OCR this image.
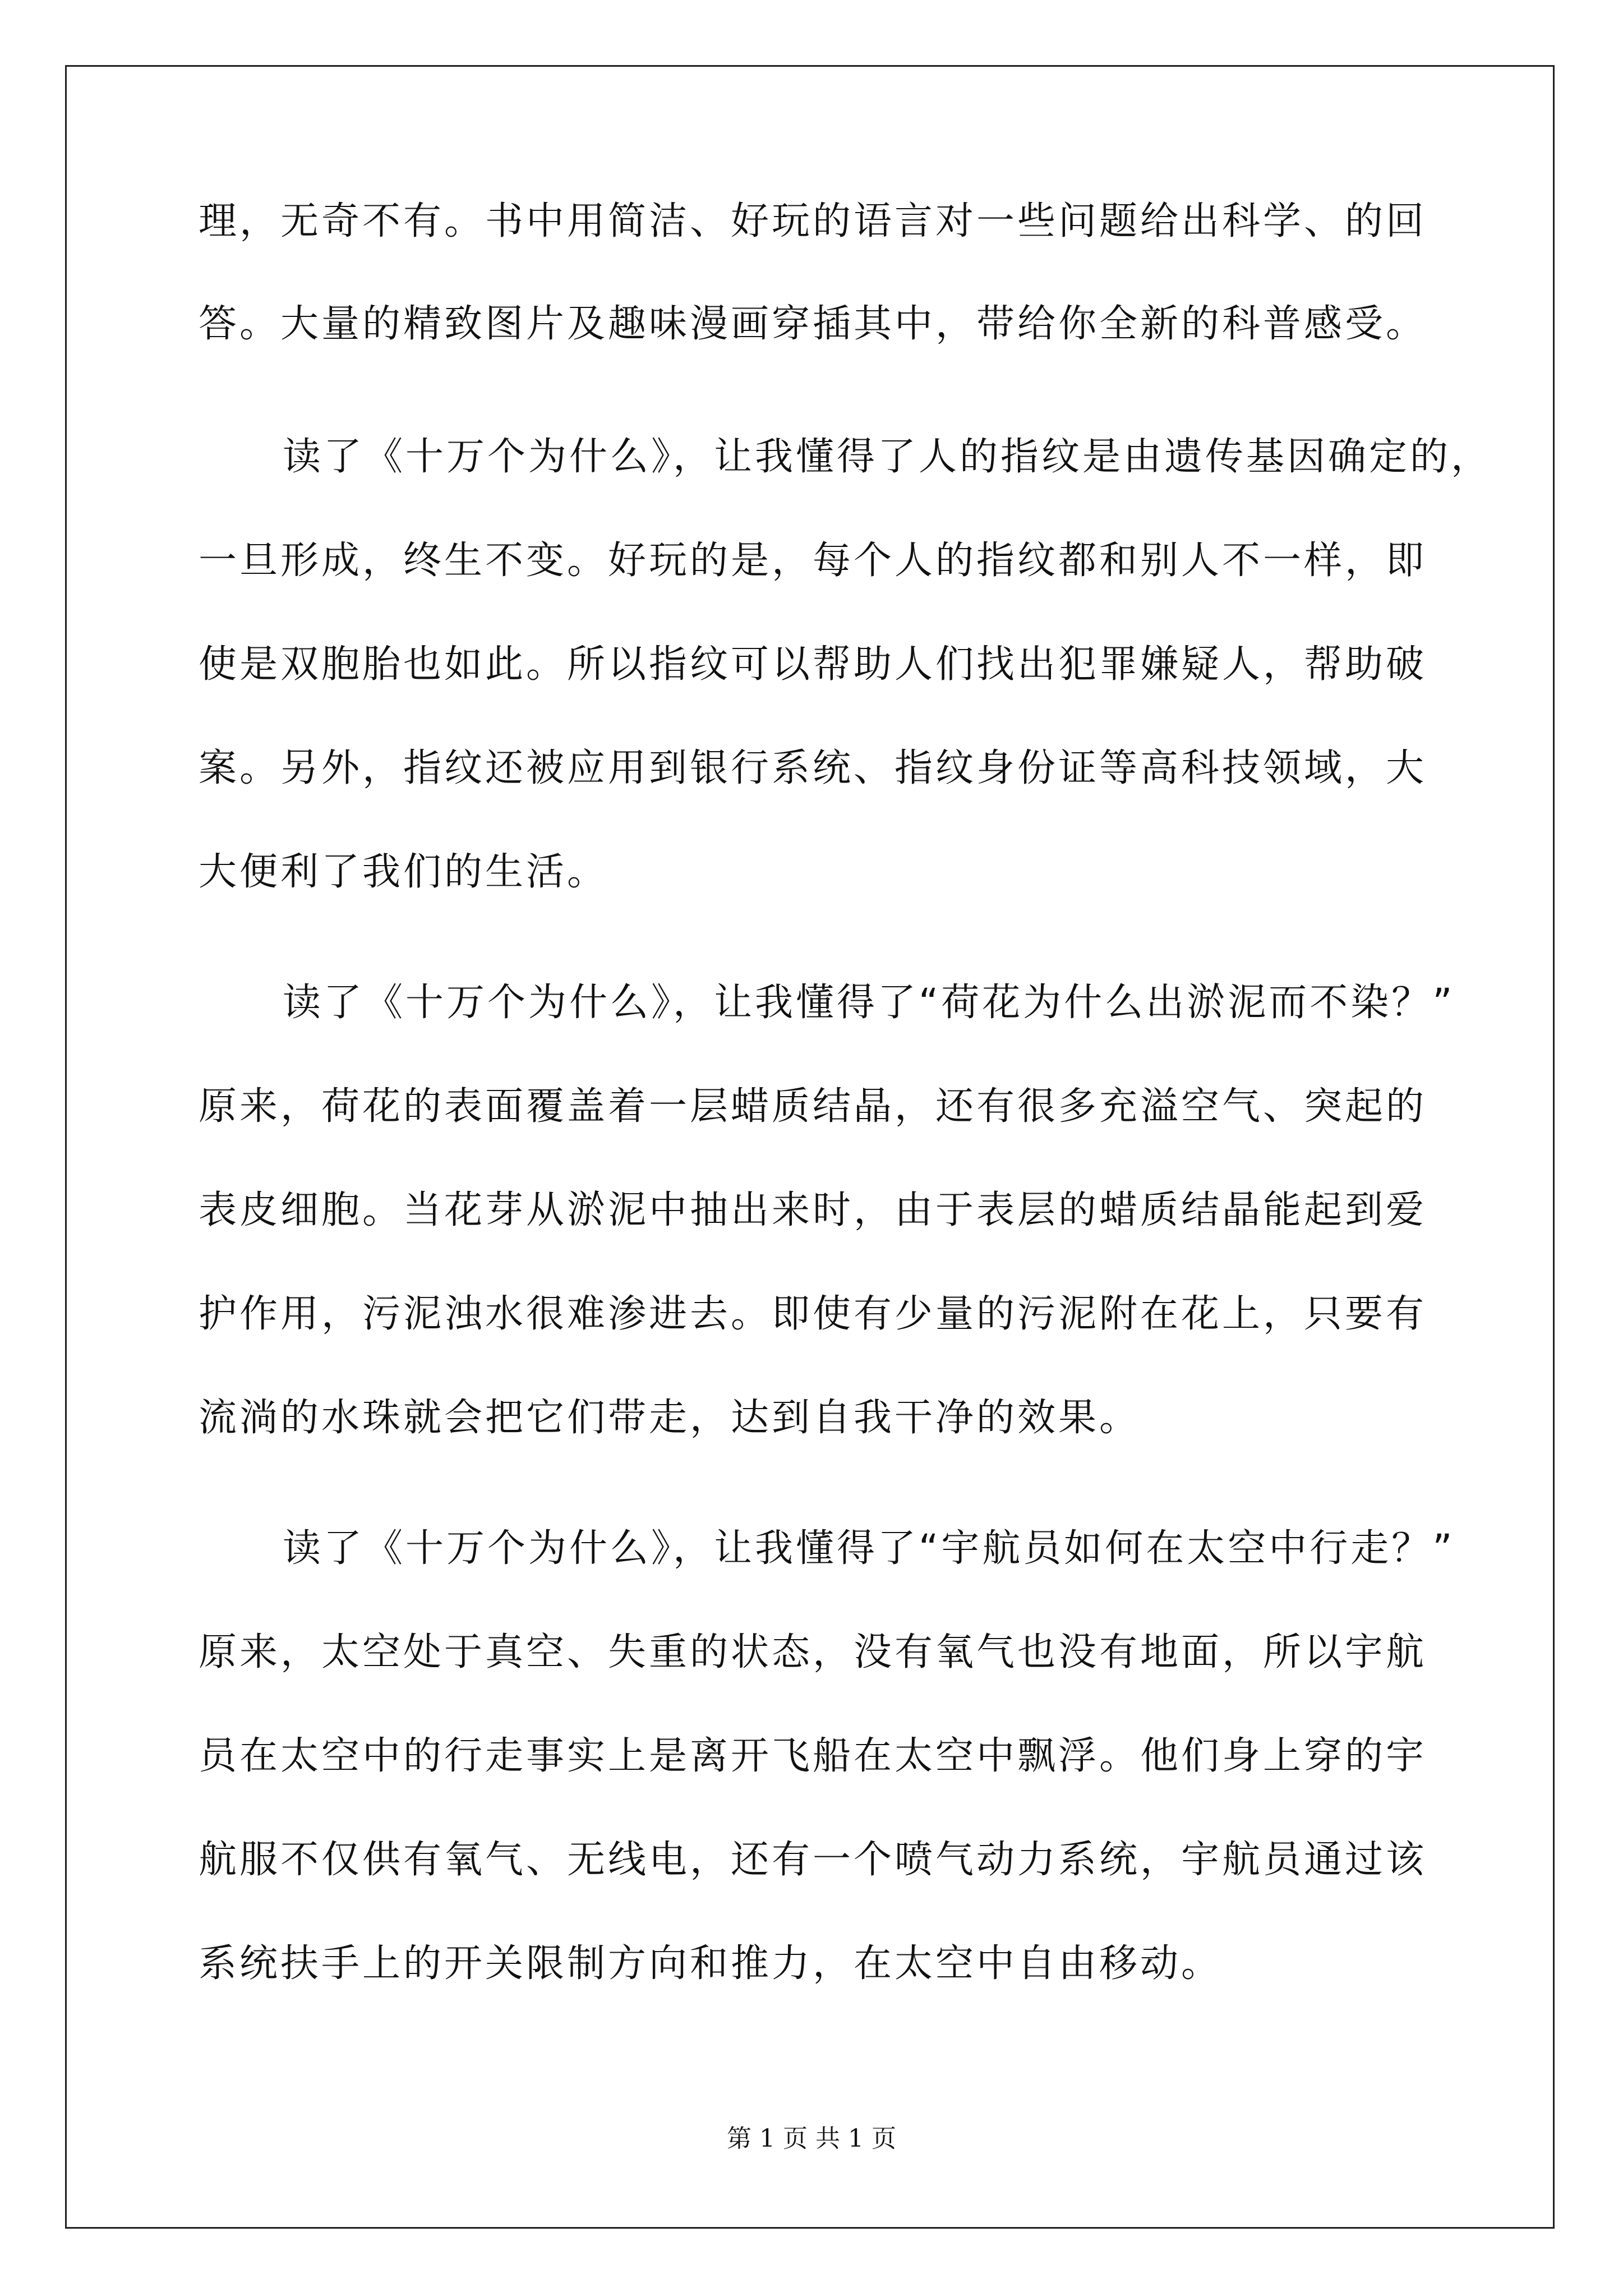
理，无奇不有。书中用简洁、好玩的语言对一些问题给出科学、的回
答。大量的精致图片及趣味漫画穿插其中，带给你全新的科普感受。
读了《十万个为什么》，让我懂得了人的指纹是由遗传基因确定的，
一旦形成，终生不变。好玩的是，每个人的指纹都和别人不一样，即
使是双胞胎也如此。所以指纹可以帮助人们找出犯罪嫌疑人，帮助破
案。另外，指纹还被应用到银行系统、指纹身份证等高科技领域，大
大便利了我们的生活。
读了《十万个为什么》，让我懂得了“荷花为什么出淤泥而不染？”
原来，荷花的表面覆盖着一层蜡质结晶，还有很多充溢空气、突起的
表皮细胞。当花芽从淤泥中抽出来时，由于表层的蜡质结晶能起到爱
护作用，污泥浊水很难渗进去。即使有少量的污泥附在花上，只要有
流淌的水珠就会把它们带走，达到自我干净的效果。
读了《十万个为什么》，让我懂得了“宇航员如何在太空中行走？”
原来，太空处于真空、失重的状态，没有氧气也没有地面，所以宇航
员在太空中的行走事实上是离开飞船在太空中飘浮。他们身上穿的宇
航服不仅供有氧气、无线电，还有一个喷气动力系统，宇航员通过该
系统扶手上的开关限制方向和推力，在太空中自由移动。
第 1 页 共 1 页
